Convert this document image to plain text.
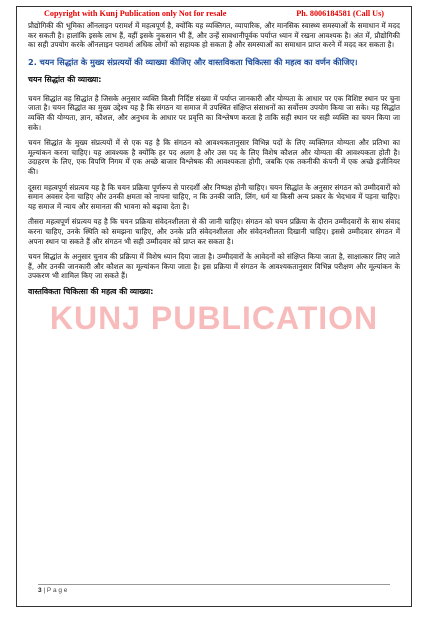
Copyright with Kunj Publication only Not for resale	Ph. 8006184581 (Call Us)

प्रौद्योगिकी की भूमिका ऑनलाइन परामर्श में महत्वपूर्ण है, क्योंकि यह व्यक्तिगत, व्यापारिक, और मानसिक स्वास्थ्य समस्याओं के समाधान में मदद कर सकती है। हालांकि इसके लाभ हैं, वहीं इसके नुकसान भी हैं, और उन्हें सावधानीपूर्वक पर्याप्त ध्यान में रखना आवश्यक है। अंत में, प्रौद्योगिकी का सही उपयोग करके ऑनलाइन परामर्श अधिक लोगों को सहायक हो सकता है और समस्याओं का समाधान प्राप्त करने में मदद कर सकता है।

2. चयन सिद्धांत के मुख्य संप्रत्ययों की व्याख्या कीजिए और वास्तविकता चिकित्सा की महत्व का वर्णन कीजिए।
चयन सिद्धांत की व्याख्या:

चयन सिद्धांत वह सिद्धांत है जिसके अनुसार व्यक्ति किसी निर्दिष्ट संख्या में पर्याप्त जानकारी और योग्यता के आधार पर एक विशिष्ट स्थान पर चुना जाता है। चयन सिद्धांत का मुख्य उद्देश्य यह है कि संगठन या समाज में उपस्थित संक्षिप्त संसाधनों का सर्वोत्तम उपयोग किया जा सके। यह सिद्धांत व्यक्ति की योग्यता, ज्ञान, कौशल, और अनुभव के आधार पर प्रवृत्ति का विश्लेषण करता है ताकि सही स्थान पर सही व्यक्ति का चयन किया जा सके।

चयन सिद्धांत के मुख्य संप्रत्ययों में से एक यह है कि संगठन को आवश्यकतानुसार विभिन्न पदों के लिए व्यक्तिगत योग्यता और प्रतिभा का मूल्यांकन करना चाहिए। यह आवश्यक है क्योंकि हर पद अलग है और उस पद के लिए विशेष कौशल और योग्यता की आवश्यकता होती है। उदाहरण के लिए, एक विपणि निगम में एक अच्छे बाजार विश्लेषक की आवश्यकता होगी, जबकि एक तकनीकी कंपनी में एक अच्छे इंजीनियर की।

दूसरा महत्वपूर्ण संप्रत्यय यह है कि चयन प्रक्रिया पूर्णरूप से पारदर्शी और निष्पक्ष होनी चाहिए। चयन सिद्धांत के अनुसार संगठन को उम्मीदवारों को समान अवसर देना चाहिए और उनकी क्षमता को नापना चाहिए, न कि उनकी जाति, लिंग, धर्म या किसी अन्य प्रकार के भेदभाव में पड़ना चाहिए। यह समाज में न्याय और समानता की भावना को बढ़ावा देता है।

तीसरा महत्वपूर्ण संप्रत्यय यह है कि चयन प्रक्रिया संवेदनशीलता से की जानी चाहिए। संगठन को चयन प्रक्रिया के दौरान उम्मीदवारों के साथ संवाद करना चाहिए, उनके स्थिति को समझना चाहिए, और उनके प्रति संवेदनशीलता और संवेदनशीलता दिखानी चाहिए। इससे उम्मीदवार संगठन में अपना स्थान पा सकते हैं और संगठन भी सही उम्मीदवार को प्राप्त कर सकता है।

चयन सिद्धांत के अनुसार चुनाव की प्रक्रिया में विशेष ध्यान दिया जाता है। उम्मीदवारों के आवेदनों को संक्षिप्त किया जाता है, साक्षात्कार लिए जाते हैं, और उनकी जानकारी और कौशल का मूल्यांकन किया जाता है। इस प्रक्रिया में संगठन के आवश्यकतानुसार विभिन्न परीक्षण और मूल्यांकन के उपकरण भी शामिल किए जा सकते हैं।

वास्तविकता चिकित्सा की महत्व की व्याख्या:
KUNJ PUBLICATION
3 | P a g e
